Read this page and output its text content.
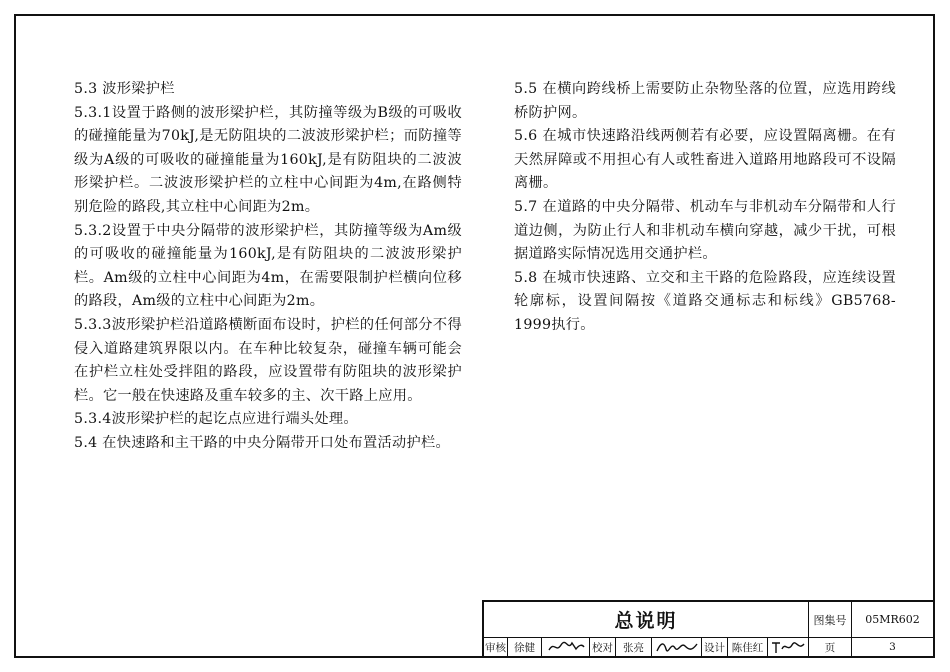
5.3 波形梁护栏

5.3.1设置于路侧的波形梁护栏，其防撞等级为B级的可吸收的碰撞能量为70kJ,是无防阻块的二波波形梁护栏；而防撞等级为A级的可吸收的碰撞能量为160kJ,是有防阻块的二波波形梁护栏。二波波形梁护栏的立柱中心间距为4m,在路侧特别危险的路段,其立柱中心间距为2m。

5.3.2设置于中央分隔带的波形梁护栏，其防撞等级为Am级的可吸收的碰撞能量为160kJ,是有防阻块的二波波形梁护栏。Am级的立柱中心间距为4m，在需要限制护栏横向位移的路段，Am级的立柱中心间距为2m。

5.3.3波形梁护栏沿道路横断面布设时，护栏的任何部分不得侵入道路建筑界限以内。在车种比较复杂，碰撞车辆可能会在护栏立柱处受拌阻的路段，应设置带有防阻块的波形梁护栏。它一般在快速路及重车较多的主、次干路上应用。

5.3.4波形梁护栏的起讫点应进行端头处理。

5.4 在快速路和主干路的中央分隔带开口处布置活动护栏。

5.5 在横向跨线桥上需要防止杂物坠落的位置，应选用跨线桥防护网。

5.6 在城市快速路沿线两侧若有必要，应设置隔离栅。在有天然屏障或不用担心有人或牲畜进入道路用地路段可不设隔离栅。

5.7 在道路的中央分隔带、机动车与非机动车分隔带和人行道边侧，为防止行人和非机动车横向穿越，减少干扰，可根据道路实际情况选用交通护栏。

5.8 在城市快速路、立交和主干路的危险路段，应连续设置轮廓标，设置间隔按《道路交通标志和标线》GB5768-1999执行。

总说明	图集号	05MR602
审核 徐健	校对 张亮	设计 陈佳红	页	3
